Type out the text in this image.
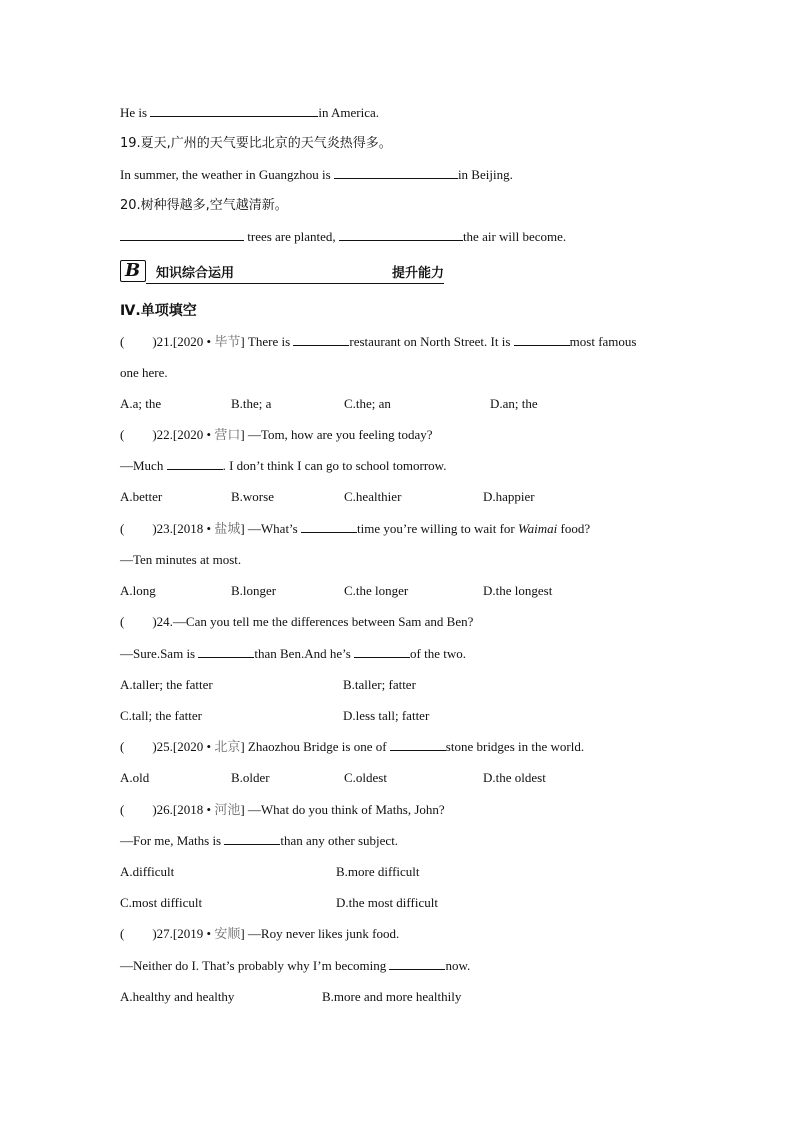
He is	in America.
19.夏天,广州的天气要比北京的天气炎热得多。
In summer, the weather in Guangzhou is	in Beijing.
20.树种得越多,空气越清新。
trees are planted,	the air will become.
B 知识综合运用	提升能力
Ⅳ.单项填空
( )21.[2020 • 毕节] There is	restaurant on North Street. It is	most famous
one here.
A.a; the	B.the; a	C.the; an	D.an; the
( )22.[2020 • 营口] —Tom, how are you feeling today?
—Much	. I don’t think I can go to school tomorrow.
A.better	B.worse	C.healthier	D.happier
( )23.[2018 • 盐城] —What’s	time you’re willing to wait for Waimai food?
—Ten minutes at most.
A.long	B.longer	C.the longer	D.the longest
( )24.—Can you tell me the differences between Sam and Ben?
—Sure.Sam is	than Ben.And he’s	of the two.
A.taller; the fatter	B.taller; fatter
C.tall; the fatter	D.less tall; fatter
( )25.[2020 • 北京] Zhaozhou Bridge is one of	stone bridges in the world.
A.old	B.older	C.oldest	D.the oldest
( )26.[2018 • 河池] —What do you think of Maths, John?
—For me, Maths is	than any other subject.
A.difficult	B.more difficult
C.most difficult	D.the most difficult
( )27.[2019 • 安顺] —Roy never likes junk food.
—Neither do I. That’s probably why I’m becoming	now.
A.healthy and healthy	B.more and more healthily
